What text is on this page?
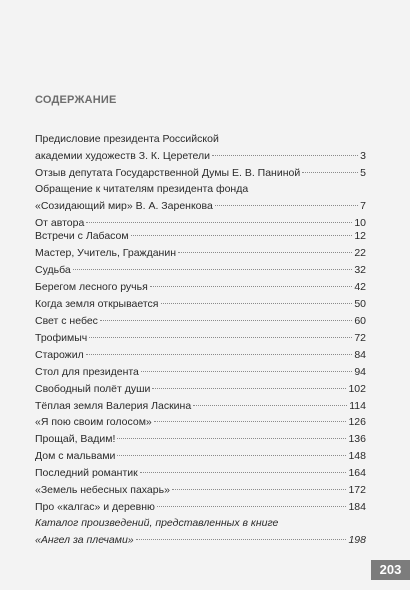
СОДЕРЖАНИЕ
Предисловие президента Российской
академии художеств З. К. Церетели	3
Отзыв депутата Государственной Думы Е. В. Паниной	5
Обращение к читателям президента фонда
«Созидающий мир» В. А. Заренкова	7
От автора	10
Встречи с Лабасом	12
Мастер, Учитель, Гражданин	22
Судьба	32
Берегом лесного ручья	42
Когда земля открывается	50
Свет с небес	60
Трофимыч	72
Старожил	84
Стол для президента	94
Свободный полёт души	102
Тёплая земля Валерия Ласкина	114
«Я пою своим голосом»	126
Прощай, Вадим!	136
Дом с мальвами	148
Последний романтик	164
«Земель небесных пахарь»	172
Про «калгас» и деревню	184
Каталог произведений, представленных в книге
«Ангел за плечами»	198
203
